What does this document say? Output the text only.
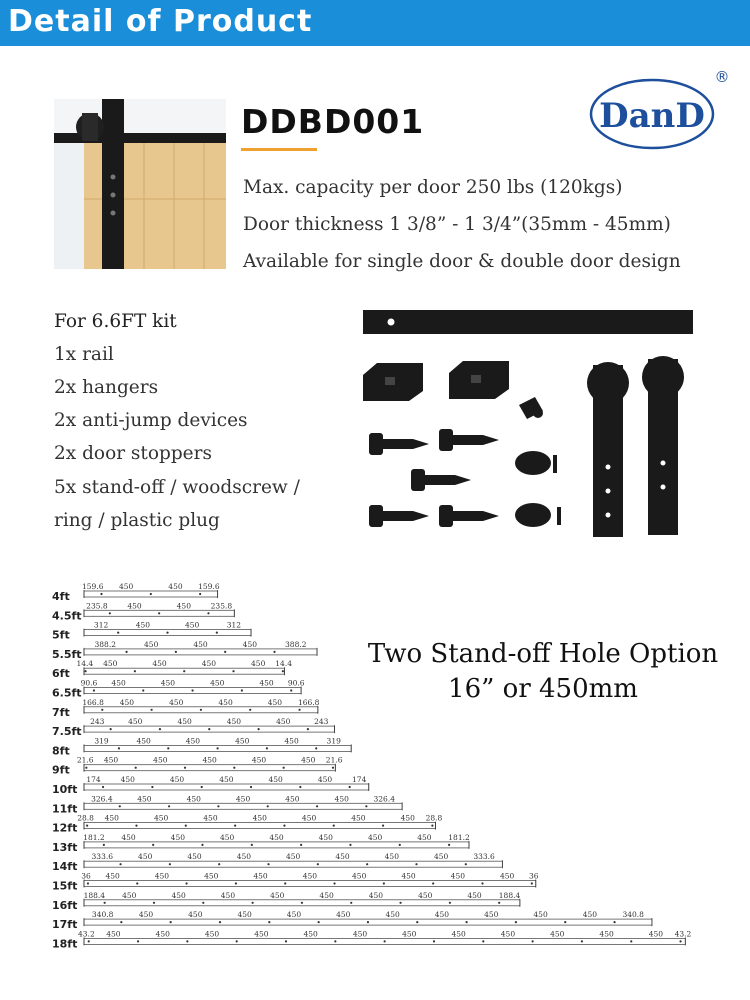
Detail of Product
DDBD001	DanD
®
Max. capacity per door 250 lbs (120kgs)
Door thickness 1 3/8” - 1 3/4”(35mm - 45mm)
Available for single door & double door design
For 6.6FT kit
1x rail
2x hangers
2x anti-jump devices
2x door stoppers
5x stand-off / woodscrew /
ring / plastic plug
4ft
159.6 450	450 159.6
4.5ft
235.8	450	450	235.8
5ft
312	450	450	312
5.5ft
388.2	450	450	450	388.2
6ft
14.4 450	450	450	450 14.4
6.5ft
90.6 450	450	450	450 90.6
7ft
166.8 450	450	450	450 166.8
7.5ft
243	450	450	450	450	243
8ft
319	450	450	450	450	319
9ft
21.6 450	450	450	450	450 21.6
10ft
174	450	450	450	450	450	174
11ft
326.4	450	450	450	450	450	326.4
12ft
28.8 450	450	450	450	450	450	450 28.8
13ft
181.2 450	450	450	450	450	450	450 181.2
14ft
333.6	450	450	450	450	450	450	450	333.6
15ft
36 450	450	450	450	450	450	450	450	450 36
16ft
188.4 450	450	450	450	450	450	450	450 188.4
17ft
340.8	450	450	450	450	450	450	450	450	450	450	340.8
18ft
43.2 450	450	450	450	450	450	450	450	450	450	450	450 43.2
Two Stand-off Hole Option
16” or 450mm
